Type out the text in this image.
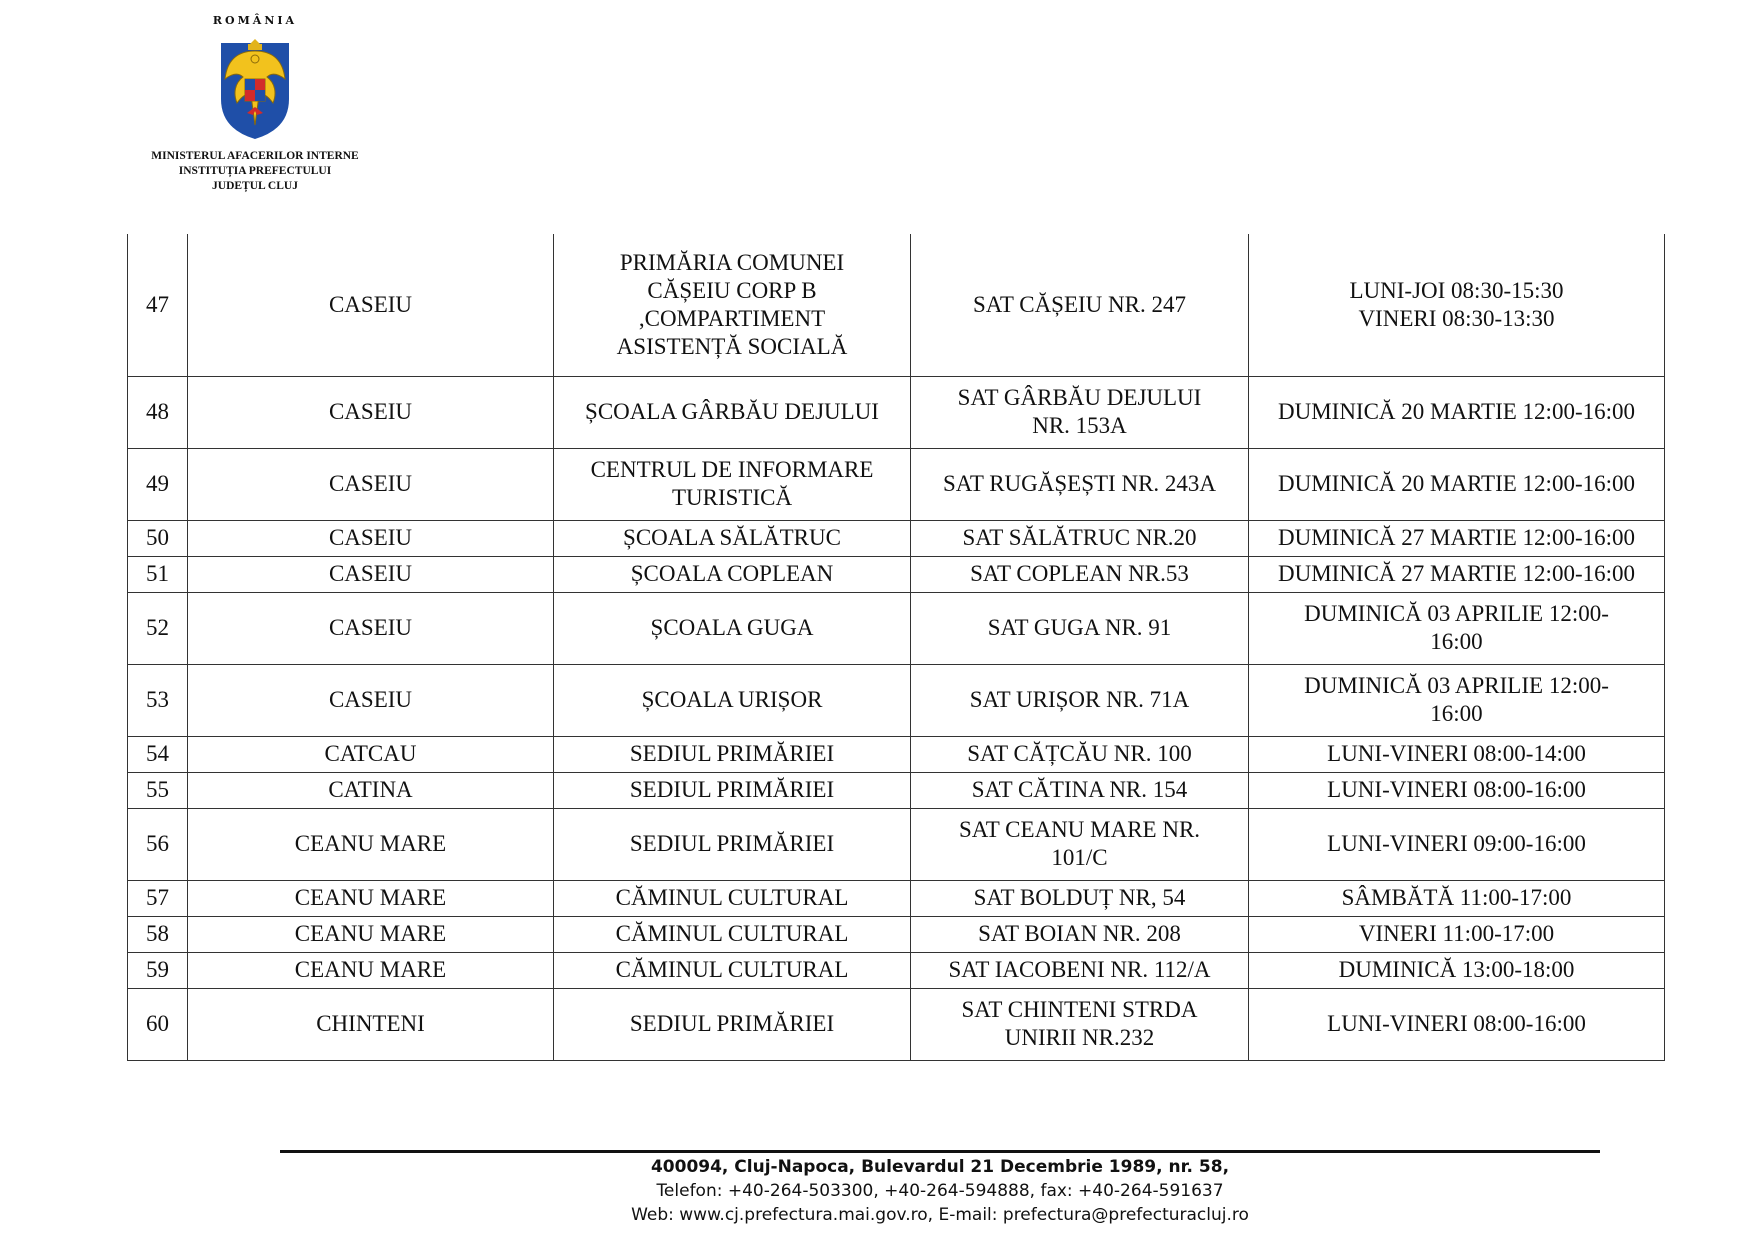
ROMÂNIA
MINISTERUL AFACERILOR INTERNE
INSTITUȚIA PREFECTULUI
JUDEȚUL CLUJ
47	CASEIU	PRIMĂRIA COMUNEI
CĂȘEIU CORP B
,COMPARTIMENT
ASISTENȚĂ SOCIALĂ	SAT CĂȘEIU NR. 247	LUNI-JOI 08:30-15:30
VINERI 08:30-13:30
48	CASEIU	ȘCOALA GÂRBĂU DEJULUI	SAT GÂRBĂU DEJULUI
NR. 153A	DUMINICĂ 20 MARTIE 12:00-16:00
49	CASEIU	CENTRUL DE INFORMARE
TURISTICĂ	SAT RUGĂȘEȘTI NR. 243A	DUMINICĂ 20 MARTIE 12:00-16:00
50	CASEIU	ȘCOALA SĂLĂTRUC	SAT SĂLĂTRUC NR.20	DUMINICĂ 27 MARTIE 12:00-16:00
51	CASEIU	ȘCOALA COPLEAN	SAT COPLEAN NR.53	DUMINICĂ 27 MARTIE 12:00-16:00
52	CASEIU	ȘCOALA GUGA	SAT GUGA NR. 91	DUMINICĂ 03 APRILIE 12:00-
16:00
53	CASEIU	ȘCOALA URIȘOR	SAT URIȘOR NR. 71A	DUMINICĂ 03 APRILIE 12:00-
16:00
54	CATCAU	SEDIUL PRIMĂRIEI	SAT CĂȚCĂU NR. 100	LUNI-VINERI 08:00-14:00
55	CATINA	SEDIUL PRIMĂRIEI	SAT CĂTINA NR. 154	LUNI-VINERI 08:00-16:00
56	CEANU MARE	SEDIUL PRIMĂRIEI	SAT CEANU MARE NR.
101/C	LUNI-VINERI 09:00-16:00
57	CEANU MARE	CĂMINUL CULTURAL	SAT BOLDUȚ NR, 54	SÂMBĂTĂ 11:00-17:00
58	CEANU MARE	CĂMINUL CULTURAL	SAT BOIAN NR. 208	VINERI 11:00-17:00
59	CEANU MARE	CĂMINUL CULTURAL	SAT IACOBENI NR. 112/A	DUMINICĂ 13:00-18:00
60	CHINTENI	SEDIUL PRIMĂRIEI	SAT CHINTENI STRDA
UNIRII NR.232	LUNI-VINERI 08:00-16:00
400094, Cluj-Napoca, Bulevardul 21 Decembrie 1989, nr. 58,
Telefon: +40-264-503300, +40-264-594888, fax: +40-264-591637
Web: www.cj.prefectura.mai.gov.ro, E-mail: prefectura@prefecturacluj.ro
